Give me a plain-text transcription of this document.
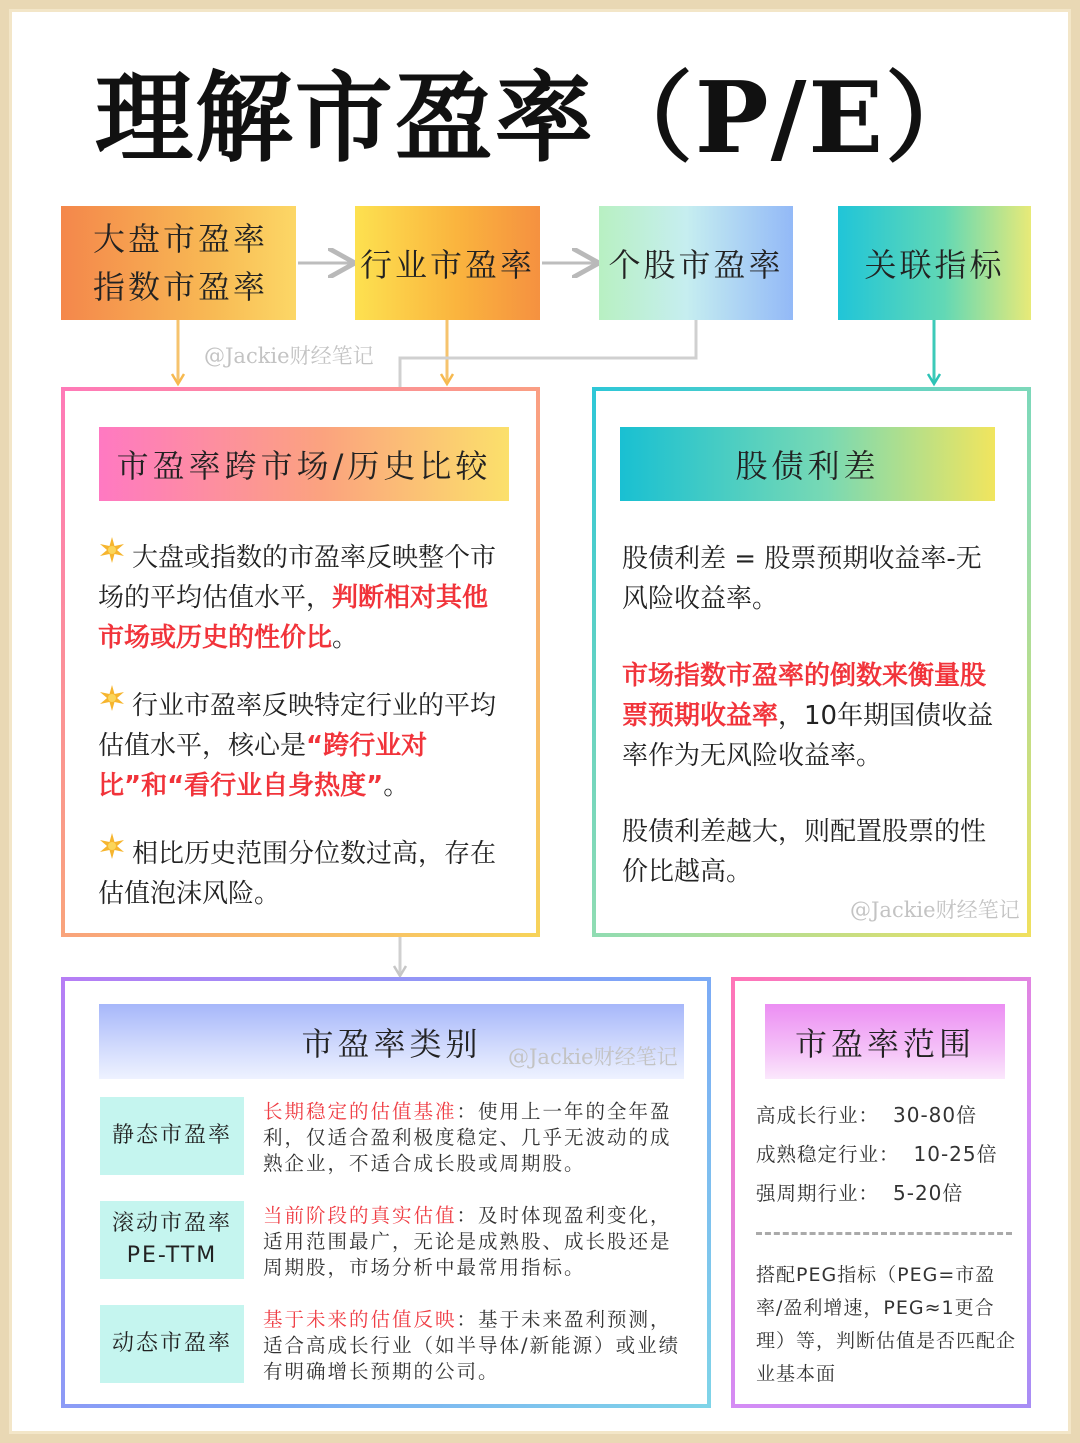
理解市盈率（P/E）
大盘市盈率
指数市盈率
行业市盈率 个股市盈率	关联指标
@Jackie财经笔记
市盈率跨市场/历史比较
大盘或指数的市盈率反映整个市场的平均估值水平，判断相对其他市场或历史的性价比。
行业市盈率反映特定行业的平均估值水平，核心是“跨行业对比”和“看行业自身热度”。
相比历史范围分位数过高，存在估值泡沫风险。
股债利差
股债利差 = 股票预期收益率-无风险收益率。
市场指数市盈率的倒数来衡量股票预期收益率，10年期国债收益率作为无风险收益率。
股债利差越大，则配置股票的性价比越高。
@Jackie财经笔记
市盈率类别	@Jackie财经笔记
静态市盈率
长期稳定的估值基准：使用上一年的全年盈利，仅适合盈利极度稳定、几乎无波动的成熟企业，不适合成长股或周期股。
滚动市盈率
PE-TTM
当前阶段的真实估值：及时体现盈利变化，适用范围最广，无论是成熟股、成长股还是周期股，市场分析中最常用指标。
动态市盈率
基于未来的估值反映：基于未来盈利预测，适合高成长行业（如半导体/新能源）或业绩有明确增长预期的公司。
市盈率范围
高成长行业： 30-80倍
成熟稳定行业： 10-25倍
强周期行业： 5-20倍
搭配PEG指标（PEG=市盈率/盈利增速，PEG≈1更合理）等，判断估值是否匹配企业基本面
